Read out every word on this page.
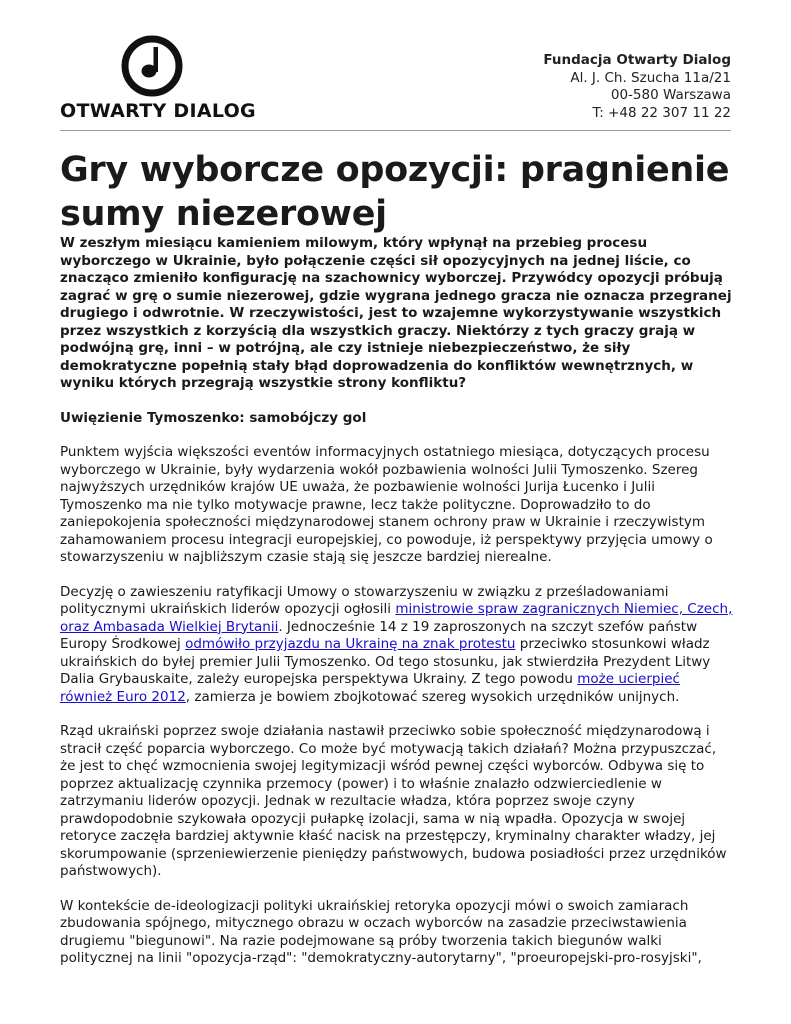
OTWARTY DIALOG
Fundacja Otwarty Dialog
Al. J. Ch. Szucha 11a/21
00-580 Warszawa
T: +48 22 307 11 22
Gry wyborcze opozycji: pragnienie sumy niezerowej

W zeszłym miesiącu kamieniem milowym, który wpłynął na przebieg procesu wyborczego w Ukrainie, było połączenie części sił opozycyjnych na jednej liście, co znacząco zmieniło konfigurację na szachownicy wyborczej. Przywódcy opozycji próbują zagrać w grę o sumie niezerowej, gdzie wygrana jednego gracza nie oznacza przegranej drugiego i odwrotnie. W rzeczywistości, jest to wzajemne wykorzystywanie wszystkich przez wszystkich z korzyścią dla wszystkich graczy. Niektórzy z tych graczy grają w podwójną grę, inni – w potrójną, ale czy istnieje niebezpieczeństwo, że siły demokratyczne popełnią stały błąd doprowadzenia do konfliktów wewnętrznych, w wyniku których przegrają wszystkie strony konfliktu?

Uwięzienie Tymoszenko: samobójczy gol

Punktem wyjścia większości eventów informacyjnych ostatniego miesiąca, dotyczących procesu wyborczego w Ukrainie, były wydarzenia wokół pozbawienia wolności Julii Tymoszenko. Szereg najwyższych urzędników krajów UE uważa, że pozbawienie wolności Jurija Łucenko i Julii Tymoszenko ma nie tylko motywacje prawne, lecz także polityczne. Doprowadziło to do zaniepokojenia społeczności międzynarodowej stanem ochrony praw w Ukrainie i rzeczywistym zahamowaniem procesu integracji europejskiej, co powoduje, iż perspektywy przyjęcia umowy o stowarzyszeniu w najbliższym czasie stają się jeszcze bardziej nierealne.

Decyzję o zawieszeniu ratyfikacji Umowy o stowarzyszeniu w związku z prześladowaniami politycznymi ukraińskich liderów opozycji ogłosili ministrowie spraw zagranicznych Niemiec, Czech, oraz Ambasada Wielkiej Brytanii. Jednocześnie 14 z 19 zaproszonych na szczyt szefów państw Europy Środkowej odmówiło przyjazdu na Ukrainę na znak protestu przeciwko stosunkowi władz ukraińskich do byłej premier Julii Tymoszenko. Od tego stosunku, jak stwierdziła Prezydent Litwy Dalia Grybauskaite, zależy europejska perspektywa Ukrainy. Z tego powodu może ucierpieć również Euro 2012, zamierza je bowiem zbojkotować szereg wysokich urzędników unijnych.

Rząd ukraiński poprzez swoje działania nastawił przeciwko sobie społeczność międzynarodową i stracił część poparcia wyborczego. Co może być motywacją takich działań? Można przypuszczać, że jest to chęć wzmocnienia swojej legitymizacji wśród pewnej części wyborców. Odbywa się to poprzez aktualizację czynnika przemocy (power) i to właśnie znalazło odzwierciedlenie w zatrzymaniu liderów opozycji. Jednak w rezultacie władza, która poprzez swoje czyny prawdopodobnie szykowała opozycji pułapkę izolacji, sama w nią wpadła. Opozycja w swojej retoryce zaczęła bardziej aktywnie kłaść nacisk na przestępczy, kryminalny charakter władzy, jej skorumpowanie (sprzeniewierzenie pieniędzy państwowych, budowa posiadłości przez urzędników państwowych).

W kontekście de-ideologizacji polityki ukraińskiej retoryka opozycji mówi o swoich zamiarach zbudowania spójnego, mitycznego obrazu w oczach wyborców na zasadzie przeciwstawienia drugiemu "biegunowi". Na razie podejmowane są próby tworzenia takich biegunów walki politycznej na linii "opozycja-rząd": "demokratyczny-autorytarny", "proeuropejski-pro-rosyjski",
